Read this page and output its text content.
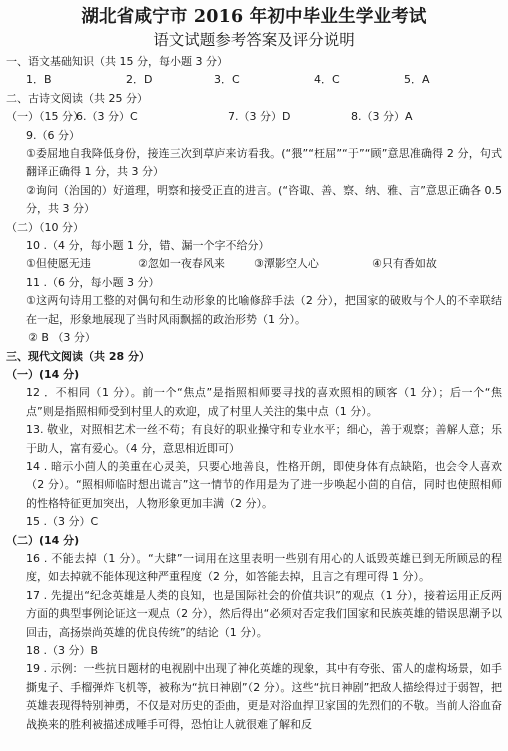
湖北省咸宁市 2016 年初中毕业生学业考试
语文试题参考答案及评分说明
一、语文基础知识（共 15 分，每小题 3 分）
1．B	2．D	3．C	4．C	5．A
二、古诗文阅读（共 25 分）
（一）（15 分）
6.（3 分）C	7.（3 分）D	8.（3 分）A
9.（6 分）
①委屈地自我降低身份，接连三次到草庐来访看我。(“猥”“枉屈”“于”“顾”意思准确得 2 分，句式翻译正确得 1 分，共 3 分）
②询问（治国的）好道理，明察和接受正直的进言。(“咨诹、善、察、纳、雅、言”意思正确各 0.5 分，共 3 分）
（二）（10 分）
10 .（4 分，每小题 1 分，错、漏一个字不给分）
①但使愿无违	②忽如一夜春风来	③潭影空人心	④只有香如故
11 .（6 分，每小题 3 分）
①这两句诗用工整的对偶句和生动形象的比喻修辞手法（2 分），把国家的破败与个人的不幸联结在一起，形象地展现了当时风雨飘摇的政治形势（1 分）。
② B （3 分）
三、现代文阅读（共 28 分）
（一）(14 分)
12 ．不相同（1 分）。前一个“焦点”是指照相师要寻找的喜欢照相的顾客（1 分）；后一个“焦点”则是指照相师受到村里人的欢迎，成了村里人关注的集中点（1 分）。
13. 敬业，对照相艺术一丝不苟；有良好的职业操守和专业水平；细心，善于观察；善解人意；乐于助人，富有爱心。（4 分，意思相近即可）
14 . 暗示小茴人的美重在心灵美，只要心地善良，性格开朗，即使身体有点缺陷，也会令人喜欢（2 分）。“照相师临时想出谎言”这一情节的作用是为了进一步唤起小茴的自信，同时也使照相师的性格特征更加突出，人物形象更加丰满（2 分）。
15 .（3 分）C
（二）(14 分)
16 . 不能去掉（1 分）。“大肆”一词用在这里表明一些别有用心的人诋毁英雄已到无所顾忌的程度，如去掉就不能体现这种严重程度（2 分，如答能去掉，且言之有理可得 1 分）。
17 . 先提出“纪念英雄是人类的良知，也是国际社会的价值共识”的观点（1 分），接着运用正反两方面的典型事例论证这一观点（2 分），然后得出“必须对否定我们国家和民族英雄的错误思潮予以回击，高扬崇尚英雄的优良传统”的结论（1 分）。
18 .（3 分）B
19 . 示例：一些抗日题材的电视剧中出现了神化英雄的现象，其中有夸张、雷人的虚构场景，如手撕鬼子、手榴弹炸飞机等，被称为“抗日神剧”（2 分）。这些“抗日神剧”把敌人描绘得过于弱智，把英雄表现得特别神勇，不仅是对历史的歪曲，更是对浴血捍卫家国的先烈们的不敬。当前人浴血奋战换来的胜利被描述成唾手可得，恐怕让人就很难了解和反
